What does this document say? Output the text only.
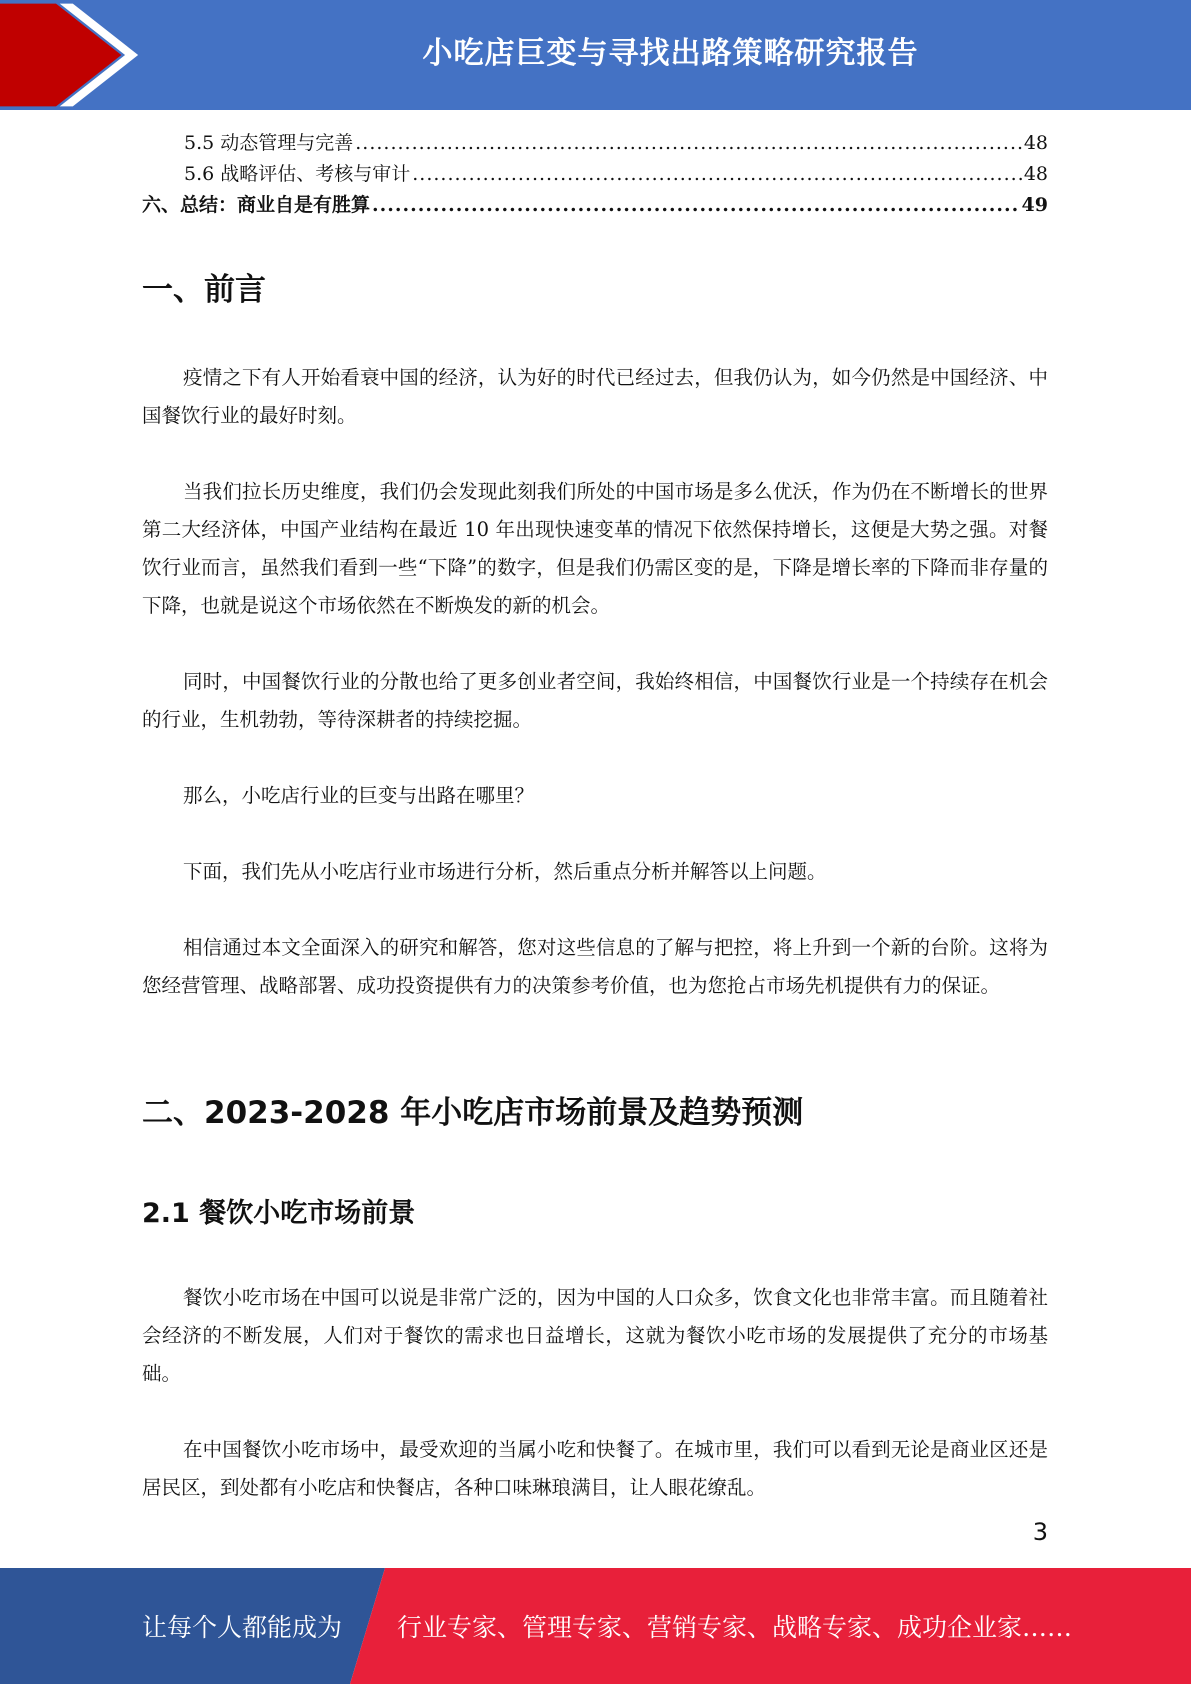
小吃店巨变与寻找出路策略研究报告
5.5 动态管理与完善 .....	48
5.6 战略评估、考核与审计 .....	48
六、总结：商业自是有胜算 .....	49
一、前言

疫情之下有人开始看衰中国的经济，认为好的时代已经过去，但我仍认为，如今仍然是中国经济、中国餐饮行业的最好时刻。

当我们拉长历史维度，我们仍会发现此刻我们所处的中国市场是多么优沃，作为仍在不断增长的世界第二大经济体，中国产业结构在最近 10 年出现快速变革的情况下依然保持增长，这便是大势之强。对餐饮行业而言，虽然我们看到一些“下降”的数字，但是我们仍需区变的是，下降是增长率的下降而非存量的下降，也就是说这个市场依然在不断焕发的新的机会。

同时，中国餐饮行业的分散也给了更多创业者空间，我始终相信，中国餐饮行业是一个持续存在机会的行业，生机勃勃，等待深耕者的持续挖掘。

那么，小吃店行业的巨变与出路在哪里？

下面，我们先从小吃店行业市场进行分析，然后重点分析并解答以上问题。

相信通过本文全面深入的研究和解答，您对这些信息的了解与把控，将上升到一个新的台阶。这将为您经营管理、战略部署、成功投资提供有力的决策参考价值，也为您抢占市场先机提供有力的保证。

二、2023-2028 年小吃店市场前景及趋势预测
2.1 餐饮小吃市场前景

餐饮小吃市场在中国可以说是非常广泛的，因为中国的人口众多，饮食文化也非常丰富。而且随着社会经济的不断发展，人们对于餐饮的需求也日益增长，这就为餐饮小吃市场的发展提供了充分的市场基础。

在中国餐饮小吃市场中，最受欢迎的当属小吃和快餐了。在城市里，我们可以看到无论是商业区还是居民区，到处都有小吃店和快餐店，各种口味琳琅满目，让人眼花缭乱。

3
让每个人都能成为 行业专家、管理专家、营销专家、战略专家、成功企业家……
